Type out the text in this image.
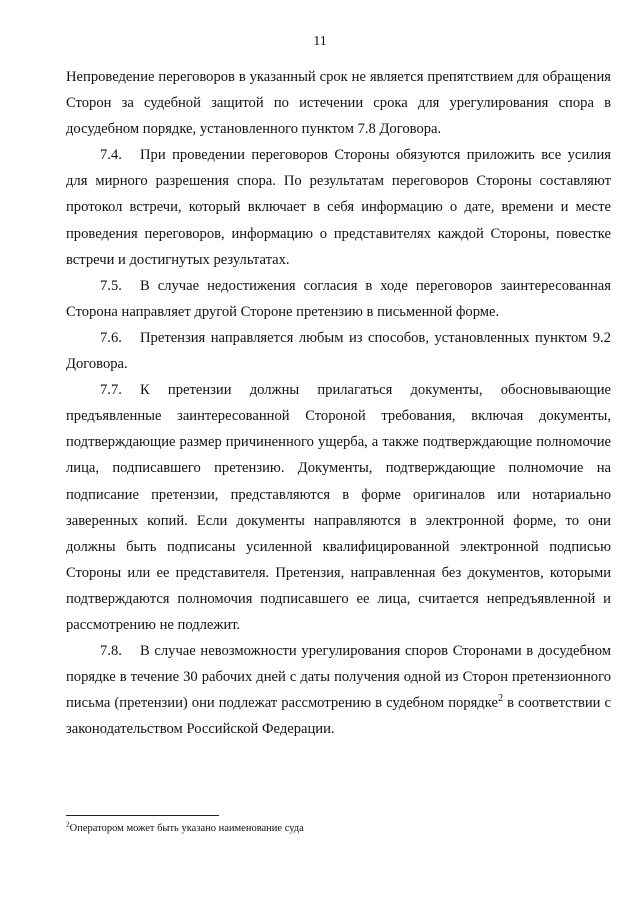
11

Непроведение переговоров в указанный срок не является препятствием для обращения Сторон за судебной защитой по истечении срока для урегулирования спора в досудебном порядке, установленного пунктом 7.8 Договора.

7.4. При проведении переговоров Стороны обязуются приложить все усилия для мирного разрешения спора. По результатам переговоров Стороны составляют протокол встречи, который включает в себя информацию о дате, времени и месте проведения переговоров, информацию о представителях каждой Стороны, повестке встречи и достигнутых результатах.

7.5. В случае недостижения согласия в ходе переговоров заинтересованная Сторона направляет другой Стороне претензию в письменной форме.

7.6. Претензия направляется любым из способов, установленных пунктом 9.2 Договора.

7.7. К претензии должны прилагаться документы, обосновывающие предъявленные заинтересованной Стороной требования, включая документы, подтверждающие размер причиненного ущерба, а также подтверждающие полномочие лица, подписавшего претензию. Документы, подтверждающие полномочие на подписание претензии, представляются в форме оригиналов или нотариально заверенных копий. Если документы направляются в электронной форме, то они должны быть подписаны усиленной квалифицированной электронной подписью Стороны или ее представителя. Претензия, направленная без документов, которыми подтверждаются полномочия подписавшего ее лица, считается непредъявленной и рассмотрению не подлежит.

7.8. В случае невозможности урегулирования споров Сторонами в досудебном порядке в течение 30 рабочих дней с даты получения одной из Сторон претензионного письма (претензии) они подлежат рассмотрению в судебном порядке$^2$ в соответствии с законодательством Российской Федерации.

$^2$Оператором может быть указано наименование суда
